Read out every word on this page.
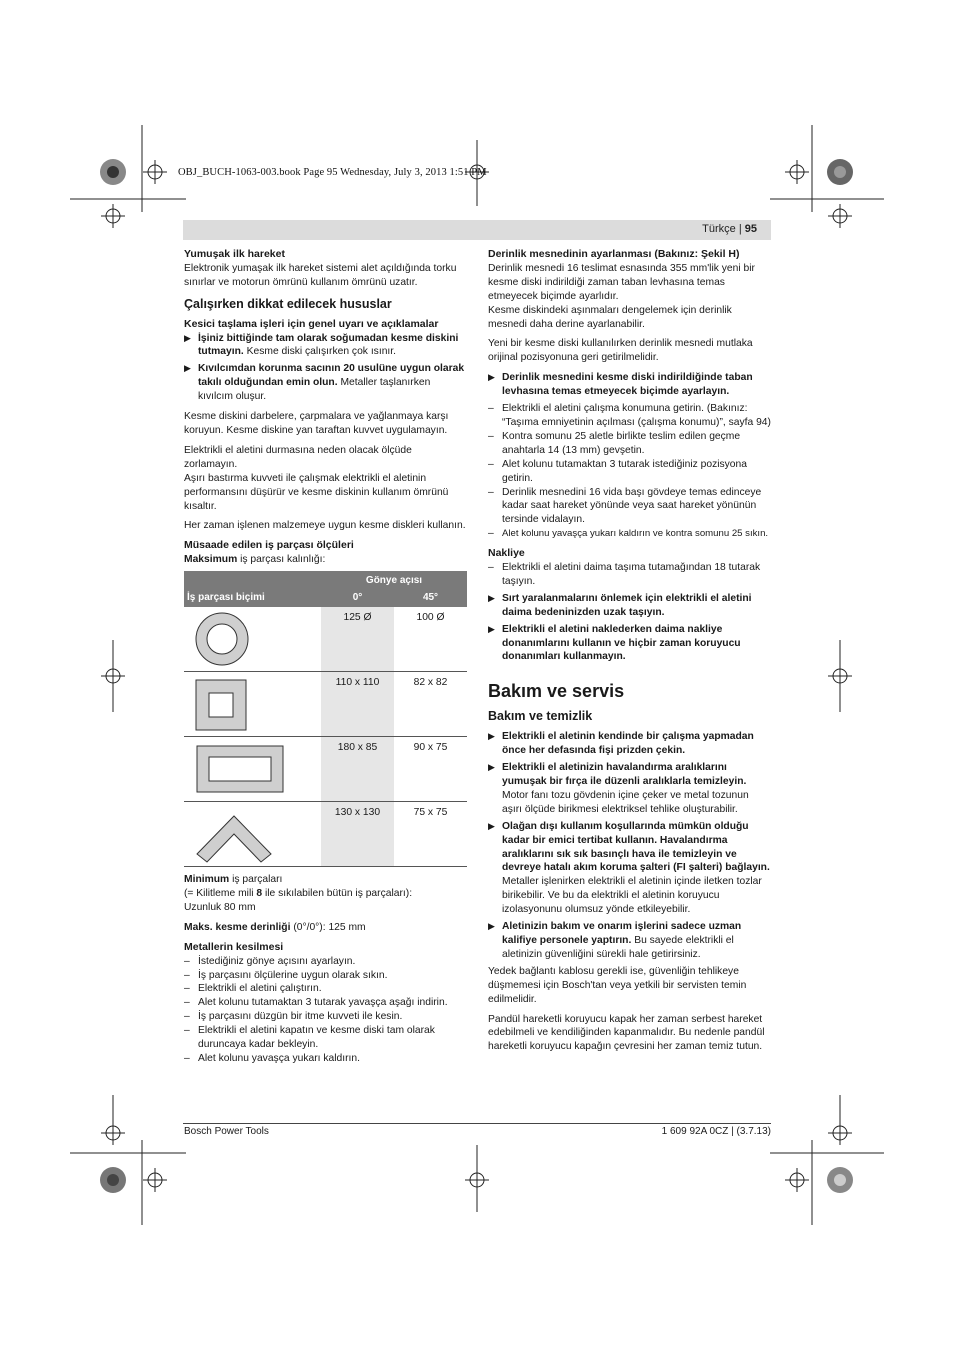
OBJ_BUCH-1063-003.book Page 95 Wednesday, July 3, 2013 1:51 PM
Türkçe | 95
Yumuşak ilk hareket
Elektronik yumaşak ilk hareket sistemi alet açıldığında torku sınırlar ve motorun ömrünü kullanım ömrünü uzatır.
Çalışırken dikkat edilecek hususlar
Kesici taşlama işleri için genel uyarı ve açıklamalar
▶ İşiniz bittiğinde tam olarak soğumadan kesme diskini tutmayın. Kesme diski çalışırken çok ısınır.
▶ Kıvılcımdan korunma sacının 20 usulüne uygun olarak takılı olduğundan emin olun. Metaller taşlanırken kıvılcım oluşur.
Kesme diskini darbelere, çarpmalara ve yağlanmaya karşı koruyun. Kesme diskine yan taraftan kuvvet uygulamayın.
Elektrikli el aletini durmasına neden olacak ölçüde zorlamayın.
Aşırı bastırma kuvveti ile çalışmak elektrikli el aletinin performansını düşürür ve kesme diskinin kullanım ömrünü kısaltır.
Her zaman işlenen malzemeye uygun kesme diskleri kullanın.
Müsaade edilen iş parçası ölçüleri
Maksimum iş parçası kalınlığı:
Gönye açısı
İş parçası biçimi	0°	45°
125 Ø	100 Ø
110 x 110	82 x 82
180 x 85	90 x 75
130 x 130	75 x 75
Minimum iş parçaları
(= Kilitleme mili 8 ile sıkılabilen bütün iş parçaları):
Uzunluk 80 mm
Maks. kesme derinliği (0°/0°): 125 mm
Metallerin kesilmesi
– İstediğiniz gönye açısını ayarlayın.
– İş parçasını ölçülerine uygun olarak sıkın.
– Elektrikli el aletini çalıştırın.
– Alet kolunu tutamaktan 3 tutarak yavaşça aşağı indirin.
– İş parçasını düzgün bir itme kuvveti ile kesin.
– Elektrikli el aletini kapatın ve kesme diski tam olarak duruncaya kadar bekleyin.
– Alet kolunu yavaşça yukarı kaldırın.
Derinlik mesnedinin ayarlanması (Bakınız: Şekil H)
Derinlik mesnedi 16 teslimat esnasında 355 mm'lik yeni bir kesme diski indirildiği zaman taban levhasına temas etmeyecek biçimde ayarlıdır.
Kesme diskindeki aşınmaları dengelemek için derinlik mesnedi daha derine ayarlanabilir.
Yeni bir kesme diski kullanılırken derinlik mesnedi mutlaka orijinal pozisyonuna geri getirilmelidir.
▶ Derinlik mesnedini kesme diski indirildiğinde taban levhasına temas etmeyecek biçimde ayarlayın.
– Elektrikli el aletini çalışma konumuna getirin. (Bakınız: “Taşıma emniyetinin açılması (çalışma konumu)”, sayfa 94)
– Kontra somunu 25 aletle birlikte teslim edilen geçme anahtarla 14 (13 mm) gevşetin.
– Alet kolunu tutamaktan 3 tutarak istediğiniz pozisyona getirin.
– Derinlik mesnedini 16 vida başı gövdeye temas edinceye kadar saat hareket yönünde veya saat hareket yönünün tersinde vidalayın.
– Alet kolunu yavaşça yukarı kaldırın ve kontra somunu 25 sıkın.
Nakliye
– Elektrikli el aletini daima taşıma tutamağından 18 tutarak taşıyın.
▶ Sırt yaralanmalarını önlemek için elektrikli el aletini daima bedeninizden uzak taşıyın.
▶ Elektrikli el aletini naklederken daima nakliye donanımlarını kullanın ve hiçbir zaman koruyucu donanımları kullanmayın.
Bakım ve servis
Bakım ve temizlik
▶ Elektrikli el aletinin kendinde bir çalışma yapmadan önce her defasında fişi prizden çekin.
▶ Elektrikli el aletinizin havalandırma aralıklarını yumuşak bir fırça ile düzenli aralıklarla temizleyin. Motor fanı tozu gövdenin içine çeker ve metal tozunun aşırı ölçüde birikmesi elektriksel tehlike oluşturabilir.
▶ Olağan dışı kullanım koşullarında mümkün olduğu kadar bir emici tertibat kullanın. Havalandırma aralıklarını sık sık basınçlı hava ile temizleyin ve devreye hatalı akım koruma şalteri (FI şalteri) bağlayın. Metaller işlenirken elektrikli el aletinin içinde iletken tozlar birikebilir. Ve bu da elektrikli el aletinin koruyucu izolasyonunu olumsuz yönde etkileyebilir.
▶ Aletinizin bakım ve onarım işlerini sadece uzman kalifiye personele yaptırın. Bu sayede elektrikli el aletinizin güvenliğini sürekli hale getirirsiniz.
Yedek bağlantı kablosu gerekli ise, güvenliğin tehlikeye düşmemesi için Bosch'tan veya yetkili bir servisten temin edilmelidir.
Pandül hareketli koruyucu kapak her zaman serbest hareket edebilmeli ve kendiliğinden kapanmalıdır. Bu nedenle pandül hareketli koruyucu kapağın çevresini her zaman temiz tutun.
Bosch Power Tools	1 609 92A 0CZ | (3.7.13)
